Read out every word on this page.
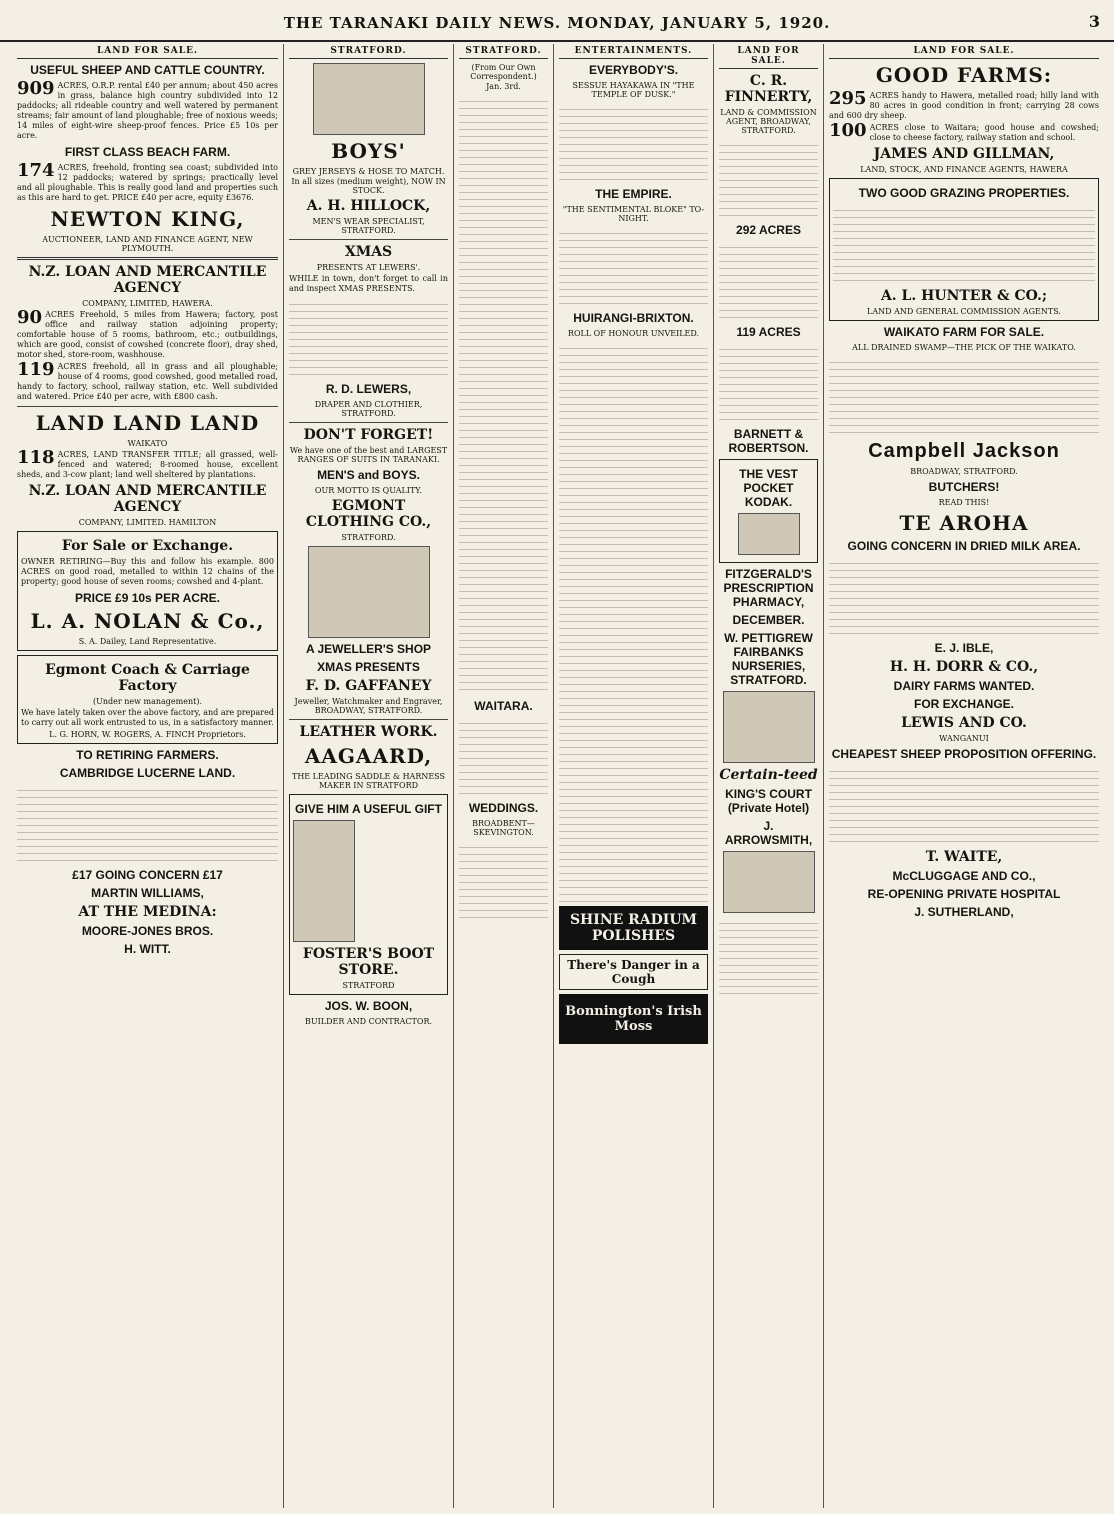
THE TARANAKI DAILY NEWS. MONDAY, JANUARY 5, 1920.	3
LAND FOR SALE.
USEFUL SHEEP AND CATTLE COUNTRY.
909 ACRES, O.R.P. rental £40 per annum; about 450 acres in grass, balance high country subdivided into 12 paddocks; all rideable country and well watered by permanent streams; fair amount of land ploughable; free of noxious weeds; 14 miles of eight-wire sheep-proof fences. Price £5 10s per acre.
FIRST CLASS BEACH FARM.
174 ACRES, freehold, fronting sea coast; subdivided into 12 paddocks; watered by springs; practically level and all ploughable. This is really good land and properties such as this are hard to get. PRICE £40 per acre, equity £3676.
NEWTON KING,
AUCTIONEER, LAND AND FINANCE AGENT, NEW PLYMOUTH.
N.Z. LOAN AND MERCANTILE AGENCY
COMPANY, LIMITED, HAWERA.
90 ACRES Freehold, 5 miles from Hawera; factory, post office and railway station adjoining property; comfortable house of 5 rooms, bathroom, etc.; outbuildings, which are good, consist of cowshed (concrete floor), dray shed, motor shed, store-room, washhouse.
119 ACRES freehold, all in grass and all ploughable; house of 4 rooms, good cowshed, good metalled road, handy to factory, school, railway station, etc. Well subdivided and watered. Price £40 per acre, with £800 cash.
LAND LAND LAND
WAIKATO
118 ACRES, LAND TRANSFER TITLE; all grassed, well-fenced and watered; 8-roomed house, excellent sheds, and 3-cow plant; land well sheltered by plantations.
N.Z. LOAN AND MERCANTILE AGENCY
COMPANY, LIMITED. HAMILTON
For Sale or Exchange.
OWNER RETIRING—Buy this and follow his example. 800 ACRES on good road, metalled to within 12 chains of the property; good house of seven rooms; cowshed and 4-plant.
PRICE £9 10s PER ACRE.
L. A. NOLAN & Co.,
S. A. Dailey, Land Representative.
Egmont Coach & Carriage Factory
(Under new management).
We have lately taken over the above factory, and are prepared to carry out all work entrusted to us, in a satisfactory manner.
L. G. HORN, W. ROGERS, A. FINCH Proprietors.
TO RETIRING FARMERS.
CAMBRIDGE LUCERNE LAND.
£17 GOING CONCERN £17
MARTIN WILLIAMS,
AT THE MEDINA:
MOORE-JONES BROS.
H. WITT.
STRATFORD.
BOYS'
GREY JERSEYS & HOSE TO MATCH.
In all sizes (medium weight), NOW IN STOCK.
A. H. HILLOCK,
MEN'S WEAR SPECIALIST, STRATFORD.
XMAS
PRESENTS AT LEWERS'.
WHILE in town, don't forget to call in and inspect XMAS PRESENTS.
R. D. LEWERS,
DRAPER AND CLOTHIER, STRATFORD.
DON'T FORGET!
We have one of the best and LARGEST RANGES OF SUITS IN TARANAKI.
MEN'S and BOYS.
OUR MOTTO IS QUALITY.
EGMONT CLOTHING CO.,
STRATFORD.
A JEWELLER'S SHOP
XMAS PRESENTS
F. D. GAFFANEY
Jeweller, Watchmaker and Engraver, BROADWAY, STRATFORD.
LEATHER WORK.
AAGAARD,
THE LEADING SADDLE & HARNESS MAKER IN STRATFORD
GIVE HIM A USEFUL GIFT
FOSTER'S BOOT STORE.
STRATFORD
JOS. W. BOON,
BUILDER AND CONTRACTOR.
STRATFORD.
(From Our Own Correspondent.)
Jan. 3rd.
WAITARA.
WEDDINGS.
BROADBENT—SKEVINGTON.
ENTERTAINMENTS.
EVERYBODY'S.
SESSUE HAYAKAWA IN "THE TEMPLE OF DUSK."
THE EMPIRE.
"THE SENTIMENTAL BLOKE" TO-NIGHT.
HUIRANGI-BRIXTON.
ROLL OF HONOUR UNVEILED.
SHINE RADIUM POLISHES
There's Danger in a Cough
Bonnington's Irish Moss
LAND FOR SALE.
C. R. FINNERTY,
LAND & COMMISSION AGENT, BROADWAY, STRATFORD.
292 ACRES
119 ACRES
BARNETT & ROBERTSON.
THE VEST POCKET KODAK.
FITZGERALD'S PRESCRIPTION PHARMACY,
DECEMBER.
W. PETTIGREW FAIRBANKS NURSERIES, STRATFORD.
Certain-teed
KING'S COURT (Private Hotel)
J. ARROWSMITH,
LAND FOR SALE.
GOOD FARMS:
295 ACRES handy to Hawera, metalled road; hilly land with 80 acres in good condition in front; carrying 28 cows and 600 dry sheep.
100 ACRES close to Waitara; good house and cowshed; close to cheese factory, railway station and school.
JAMES AND GILLMAN,
LAND, STOCK, AND FINANCE AGENTS, HAWERA
TWO GOOD GRAZING PROPERTIES.
A. L. HUNTER & CO.;
LAND AND GENERAL COMMISSION AGENTS.
WAIKATO FARM FOR SALE.
ALL DRAINED SWAMP—THE PICK OF THE WAIKATO.
Campbell Jackson
BROADWAY, STRATFORD.
BUTCHERS!
READ THIS!
TE AROHA
GOING CONCERN IN DRIED MILK AREA.
E. J. IBLE,
H. H. DORR & CO.,
DAIRY FARMS WANTED.
FOR EXCHANGE.
LEWIS AND CO.
WANGANUI
CHEAPEST SHEEP PROPOSITION OFFERING.
T. WAITE,
McCLUGGAGE AND CO.,
RE-OPENING PRIVATE HOSPITAL
J. SUTHERLAND,
